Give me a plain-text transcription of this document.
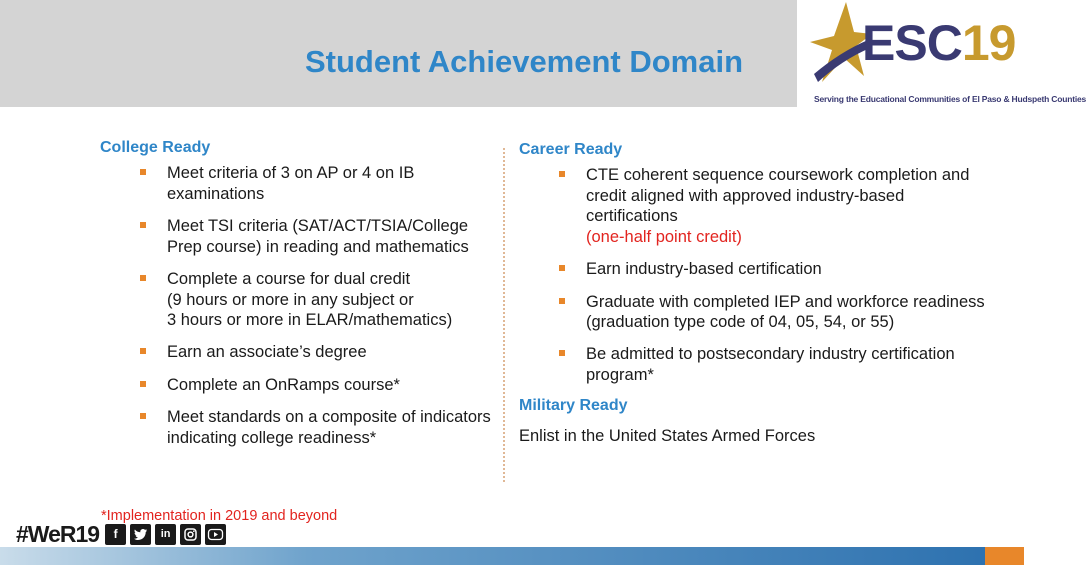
Student Achievement Domain	ESC19
Serving the Educational Communities of El Paso & Hudspeth Counties
College Ready
Meet criteria of 3 on AP or 4 on IB examinations
Meet TSI criteria (SAT/ACT/TSIA/College Prep course) in reading and mathematics
Complete a course for dual credit
(9 hours or more in any subject or
3 hours or more in ELAR/mathematics)
Earn an associate’s degree
Complete an OnRamps course*
Meet standards on a composite of indicators indicating college readiness*
Career Ready
CTE coherent sequence coursework completion and credit aligned with approved industry-based certifications
(one-half point credit)
Earn industry-based certification
Graduate with completed IEP and workforce readiness (graduation type code of 04, 05, 54, or 55)
Be admitted to postsecondary industry certification program*
Military Ready
Enlist in the United States Armed Forces
*Implementation in 2019 and beyond
#WeR19	f	in
